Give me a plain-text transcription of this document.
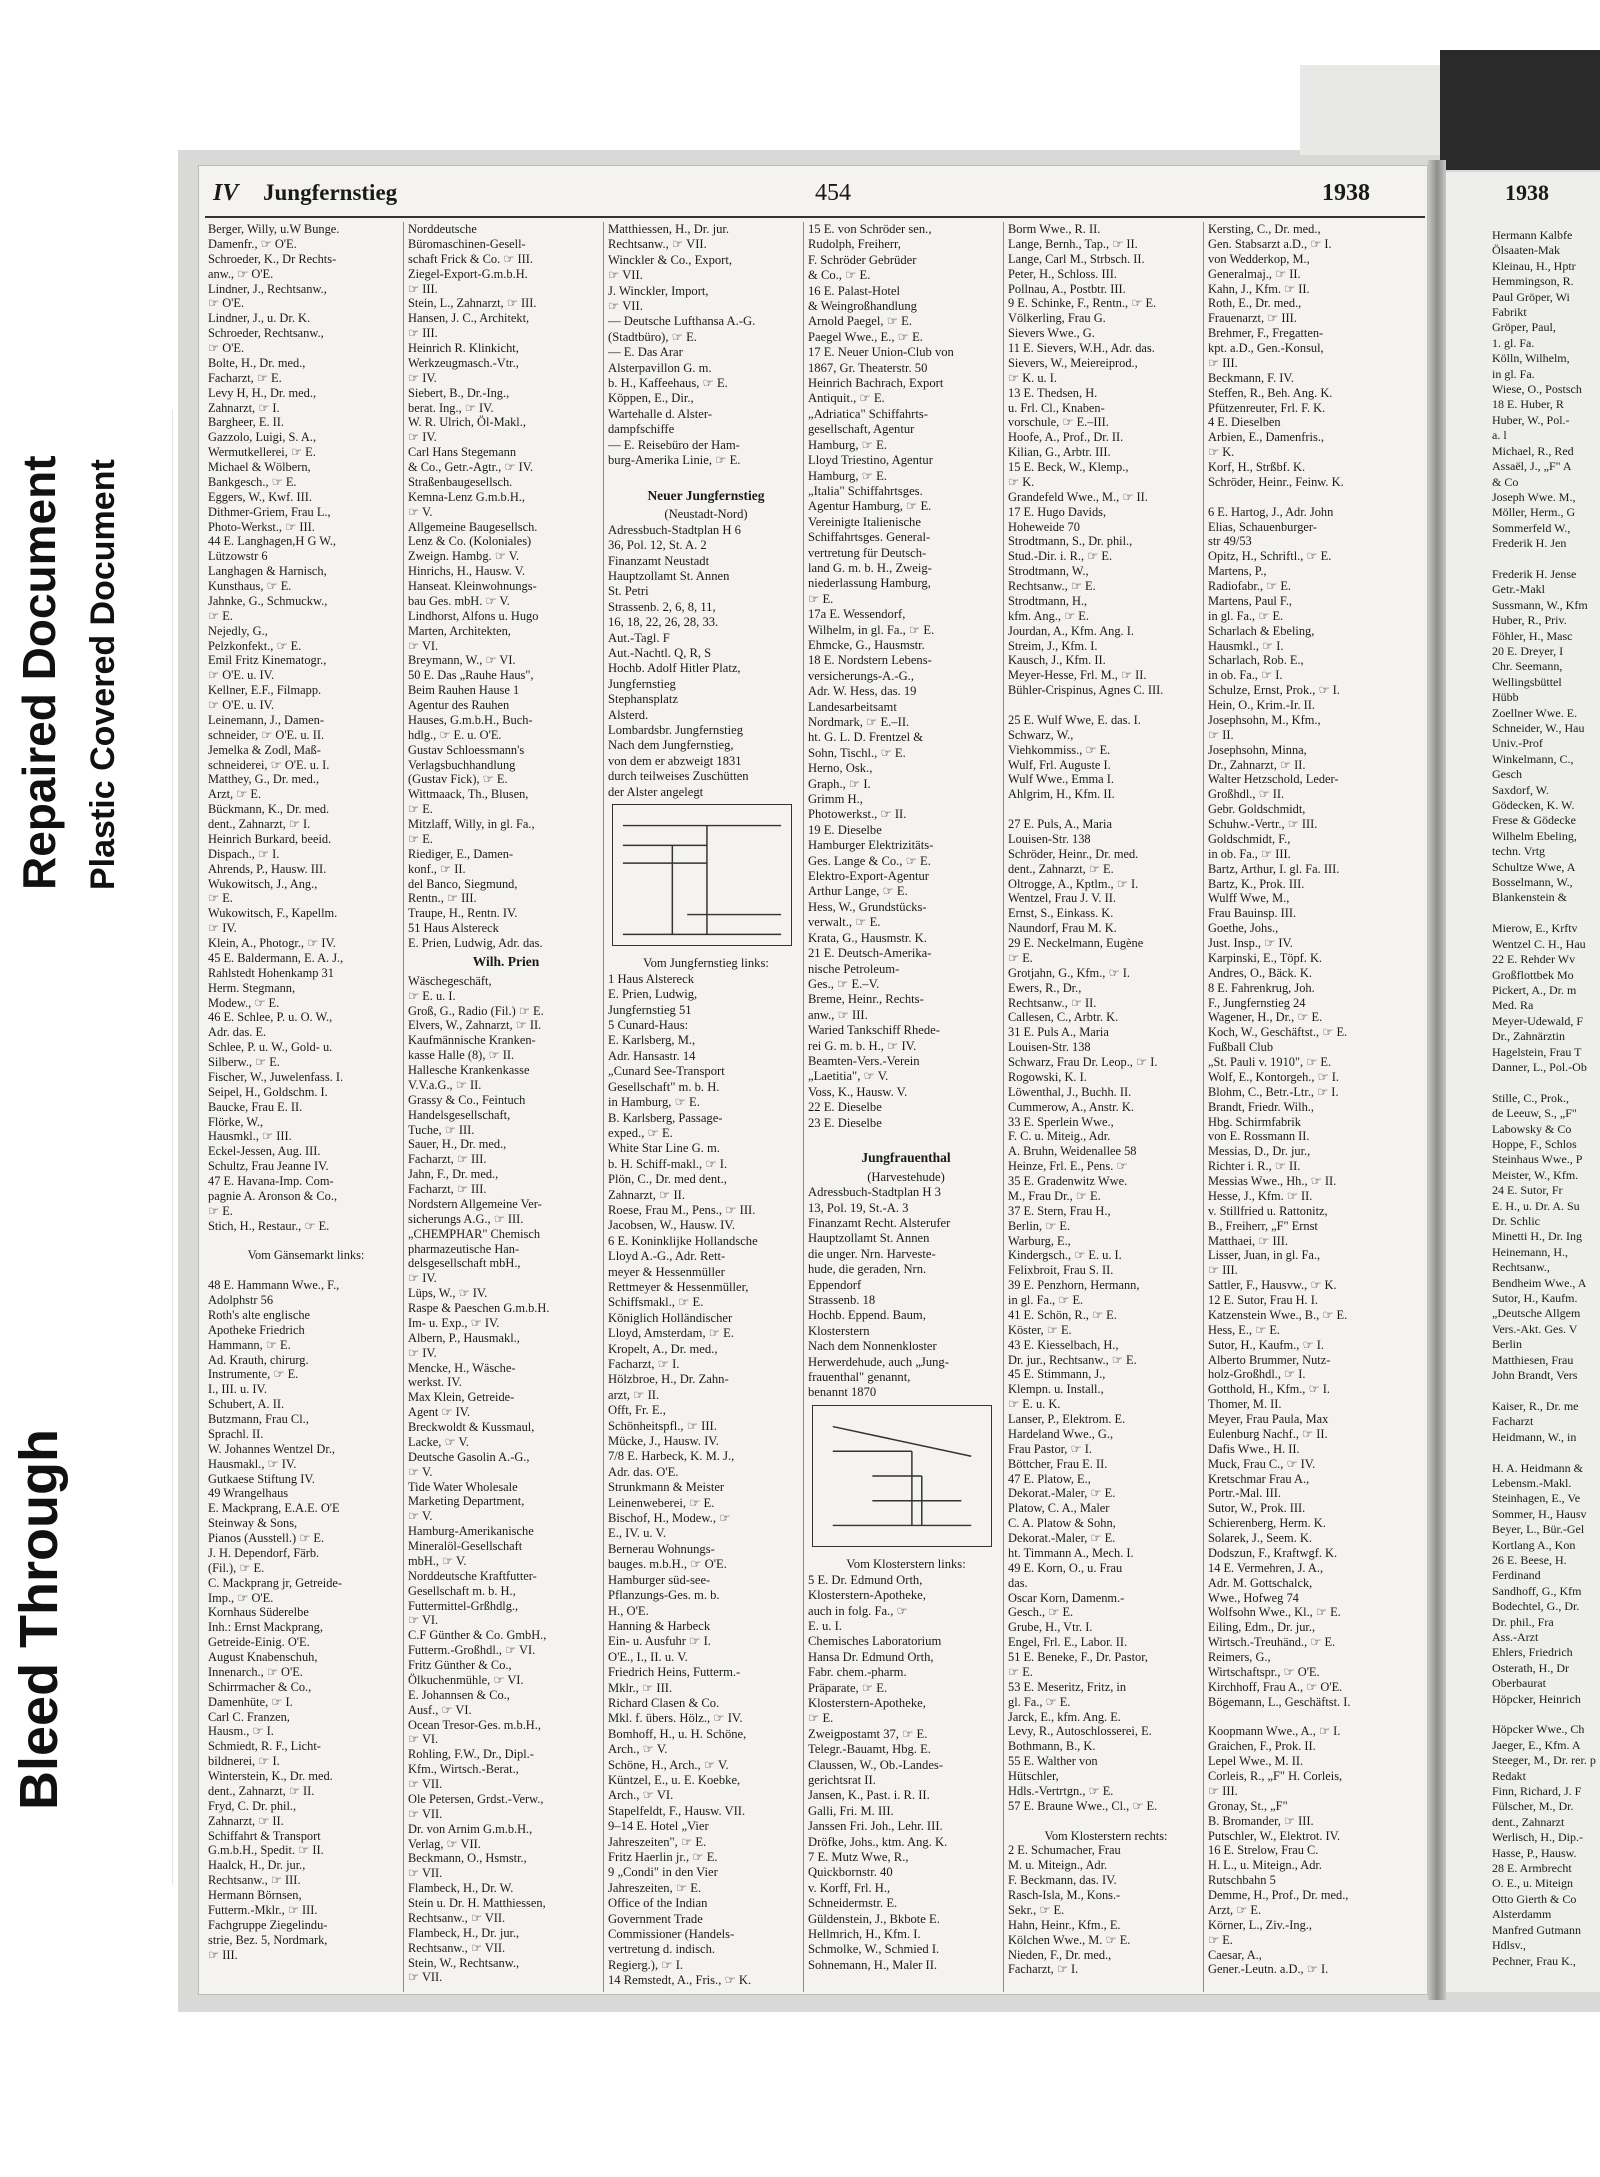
Bleed Through
Repaired Document Plastic Covered Document
IV Jungfernstieg	454	1938	1938

Berger, Willy, u.W Bunge.

Damenfr., ☞ O'E.

Schroeder, K., Dr Rechts-

anw., ☞ O'E.

Lindner, J., Rechtsanw.,

☞ O'E.

Lindner, J., u. Dr. K.

Schroeder, Rechtsanw.,

☞ O'E.

Bolte, H., Dr. med.,

Facharzt, ☞ E.

Levy H, H., Dr. med.,

Zahnarzt, ☞ I.

Bargheer, E. II.

Gazzolo, Luigi, S. A.,

Wermutkellerei, ☞ E.

Michael & Wölbern,

Bankgesch., ☞ E.

Eggers, W., Kwf. III.

Dithmer-Griem, Frau L.,

Photo-Werkst., ☞ III.

44 E. Langhagen,H G W.,

Lützowstr 6

Langhagen & Harnisch,

Kunsthaus, ☞ E.

Jahnke, G., Schmuckw.,

☞ E.

Nejedly, G.,

Pelzkonfekt., ☞ E.

Emil Fritz Kinematogr.,

☞ O'E. u. IV.

Kellner, E.F., Filmapp.

☞ O'E. u. IV.

Leinemann, J., Damen-

schneider, ☞ O'E. u. II.

Jemelka & Zodl, Maß-

schneiderei, ☞ O'E. u. I.

Matthey, G., Dr. med.,

Arzt, ☞ E.

Bückmann, K., Dr. med.

dent., Zahnarzt, ☞ I.

Heinrich Burkard, beeid.

Dispach., ☞ I.

Ahrends, P., Hausw. III.

Wukowitsch, J., Ang.,

☞ E.

Wukowitsch, F., Kapellm.

☞ IV.

Klein, A., Photogr., ☞ IV.

45 E. Baldermann, E. A. J.,

Rahlstedt Hohenkamp 31

Herm. Stegmann,

Modew., ☞ E.

46 E. Schlee, P. u. O. W.,

Adr. das. E.

Schlee, P. u. W., Gold- u.

Silberw., ☞ E.

Fischer, W., Juwelenfass. I.

Seipel, H., Goldschm. I.

Baucke, Frau E. II.

Flörke, W.,

Hausmkl., ☞ III.

Eckel-Jessen, Aug. III.

Schultz, Frau Jeanne IV.

47 E. Havana-Imp. Com-

pagnie A. Aronson & Co.,

☞ E.

Stich, H., Restaur., ☞ E.

Vom Gänsemarkt links:

48 E. Hammann Wwe., F.,

Adolphstr 56

Roth's alte englische

Apotheke Friedrich

Hammann, ☞ E.

Ad. Krauth, chirurg.

Instrumente, ☞ E.

I., III. u. IV.

Schubert, A. II.

Butzmann, Frau Cl.,

Sprachl. II.

W. Johannes Wentzel Dr.,

Hausmakl., ☞ IV.

Gutkaese Stiftung IV.

49 Wrangelhaus

E. Mackprang, E.A.E. O'E

Steinway & Sons,

Pianos (Ausstell.) ☞ E.

J. H. Dependorf, Färb.

(Fil.), ☞ E.

C. Mackprang jr, Getreide-

Imp., ☞ O'E.

Kornhaus Süderelbe

Inh.: Ernst Mackprang,

Getreide-Einig. O'E.

August Knabenschuh,

Innenarch., ☞ O'E.

Schirrmacher & Co.,

Damenhüte, ☞ I.

Carl C. Franzen,

Hausm., ☞ I.

Schmiedt, R. F., Licht-

bildnerei, ☞ I.

Winterstein, K., Dr. med.

dent., Zahnarzt, ☞ II.

Fryd, C. Dr. phil.,

Zahnarzt, ☞ II.

Schiffahrt & Transport

G.m.b.H., Spedit. ☞ II.

Haalck, H., Dr. jur.,

Rechtsanw., ☞ III.

Hermann Börnsen,

Futterm.-Mklr., ☞ III.

Fachgruppe Ziegelindu-

strie, Bez. 5, Nordmark,

☞ III.

Norddeutsche

Büromaschinen-Gesell-

schaft Frick & Co. ☞ III.

Ziegel-Export-G.m.b.H.

☞ III.

Stein, L., Zahnarzt, ☞ III.

Hansen, J. C., Architekt,

☞ III.

Heinrich R. Klinkicht,

Werkzeugmasch.-Vtr.,

☞ IV.

Siebert, B., Dr.-Ing.,

berat. Ing., ☞ IV.

W. R. Ulrich, Öl-Makl.,

☞ IV.

Carl Hans Stegemann

& Co., Getr.-Agtr., ☞ IV.

Straßenbaugesellsch.

Kemna-Lenz G.m.b.H.,

☞ V.

Allgemeine Baugesellsch.

Lenz & Co. (Koloniales)

Zweign. Hambg. ☞ V.

Hinrichs, H., Hausw. V.

Hanseat. Kleinwohnungs-

bau Ges. mbH. ☞ V.

Lindhorst, Alfons u. Hugo

Marten, Architekten,

☞ VI.

Breymann, W., ☞ VI.

50 E. Das „Rauhe Haus",

Beim Rauhen Hause 1

Agentur des Rauhen

Hauses, G.m.b.H., Buch-

hdlg., ☞ E. u. O'E.

Gustav Schloessmann's

Verlagsbuchhandlung

(Gustav Fick), ☞ E.

Wittmaack, Th., Blusen,

☞ E.

Mitzlaff, Willy, in gl. Fa.,

☞ E.

Riediger, E., Damen-

konf., ☞ II.

del Banco, Siegmund,

Rentn., ☞ III.

Traupe, H., Rentn. IV.

51 Haus Alstereck

E. Prien, Ludwig, Adr. das.

Wilh. Prien

Wäschegeschäft,

☞ E. u. I.

Groß, G., Radio (Fil.) ☞ E.

Elvers, W., Zahnarzt, ☞ II.

Kaufmännische Kranken-

kasse Halle (8), ☞ II.

Hallesche Krankenkasse

V.V.a.G., ☞ II.

Grassy & Co., Feintuch

Handelsgesellschaft,

Tuche, ☞ III.

Sauer, H., Dr. med.,

Facharzt, ☞ III.

Jahn, F., Dr. med.,

Facharzt, ☞ III.

Nordstern Allgemeine Ver-

sicherungs A.G., ☞ III.

„CHEMPHAR" Chemisch

pharmazeutische Han-

delsgesellschaft mbH.,

☞ IV.

Lüps, W., ☞ IV.

Raspe & Paeschen G.m.b.H.

Im- u. Exp., ☞ IV.

Albern, P., Hausmakl.,

☞ IV.

Mencke, H., Wäsche-

werkst. IV.

Max Klein, Getreide-

Agent ☞ IV.

Breckwoldt & Kussmaul,

Lacke, ☞ V.

Deutsche Gasolin A.-G.,

☞ V.

Tide Water Wholesale

Marketing Department,

☞ V.

Hamburg-Amerikanische

Mineralöl-Gesellschaft

mbH., ☞ V.

Norddeutsche Kraftfutter-

Gesellschaft m. b. H.,

Futtermittel-Grßhdlg.,

☞ VI.

C.F Günther & Co. GmbH.,

Futterm.-Großhdl., ☞ VI.

Fritz Günther & Co.,

Ölkuchenmühle, ☞ VI.

E. Johannsen & Co.,

Ausf., ☞ VI.

Ocean Tresor-Ges. m.b.H.,

☞ VI.

Rohling, F.W., Dr., Dipl.-

Kfm., Wirtsch.-Berat.,

☞ VII.

Ole Petersen, Grdst.-Verw.,

☞ VII.

Dr. von Arnim G.m.b.H.,

Verlag, ☞ VII.

Beckmann, O., Hsmstr.,

☞ VII.

Flambeck, H., Dr. W.

Stein u. Dr. H. Matthiessen,

Rechtsanw., ☞ VII.

Flambeck, H., Dr. jur.,

Rechtsanw., ☞ VII.

Stein, W., Rechtsanw.,

☞ VII.

Matthiessen, H., Dr. jur.

Rechtsanw., ☞ VII.

Winckler & Co., Export,

☞ VII.

J. Winckler, Import,

☞ VII.

— Deutsche Lufthansa A.-G.

(Stadtbüro), ☞ E.

— E. Das Arar

Alsterpavillon G. m.

b. H., Kaffeehaus, ☞ E.

Köppen, E., Dir.,

Wartehalle d. Alster-

dampfschiffe

— E. Reisebüro der Ham-

burg-Amerika Linie, ☞ E.

Neuer Jungfernstieg

(Neustadt-Nord)

Adressbuch-Stadtplan H 6

36, Pol. 12, St. A. 2

Finanzamt Neustadt

Hauptzollamt St. Annen

St. Petri

Strassenb. 2, 6, 8, 11,

16, 18, 22, 26, 28, 33.

Aut.-Tagl. F

Aut.-Nachtl. Q, R, S

Hochb. Adolf Hitler Platz,

Jungfernstieg

Stephansplatz

Alsterd.

Lombardsbr. Jungfernstieg

Nach dem Jungfernstieg,

von dem er abzweigt 1831

durch teilweises Zuschütten

der Alster angelegt

Vom Jungfernstieg links:

1 Haus Alstereck

E. Prien, Ludwig,

Jungfernstieg 51

5 Cunard-Haus:

E. Karlsberg, M.,

Adr. Hansastr. 14

„Cunard See-Transport

Gesellschaft" m. b. H.

in Hamburg, ☞ E.

B. Karlsberg, Passage-

exped., ☞ E.

White Star Line G. m.

b. H. Schiff-makl., ☞ I.

Plön, C., Dr. med dent.,

Zahnarzt, ☞ II.

Roese, Frau M., Pens., ☞ III.

Jacobsen, W., Hausw. IV.

6 E. Koninklijke Hollandsche

Lloyd A.-G., Adr. Rett-

meyer & Hessenmüller

Rettmeyer & Hessenmüller,

Schiffsmakl., ☞ E.

Königlich Holländischer

Lloyd, Amsterdam, ☞ E.

Kropelt, A., Dr. med.,

Facharzt, ☞ I.

Hölzbroe, H., Dr. Zahn-

arzt, ☞ II.

Offt, Fr. E.,

Schönheitspfl., ☞ III.

Mücke, J., Hausw. IV.

7/8 E. Harbeck, K. M. J.,

Adr. das. O'E.

Strunkmann & Meister

Leinenweberei, ☞ E.

Bischof, H., Modew., ☞

E., IV. u. V.

Bernerau Wohnungs-

bauges. m.b.H., ☞ O'E.

Hamburger süd-see-

Pflanzungs-Ges. m. b.

H., O'E.

Hanning & Harbeck

Ein- u. Ausfuhr ☞ I.

O'E., I., II. u. V.

Friedrich Heins, Futterm.-

Mklr., ☞ III.

Richard Clasen & Co.

Mkl. f. übers. Hölz., ☞ IV.

Bomhoff, H., u. H. Schöne,

Arch., ☞ V.

Schöne, H., Arch., ☞ V.

Küntzel, E., u. E. Koebke,

Arch., ☞ VI.

Stapelfeldt, F., Hausw. VII.

9–14 E. Hotel „Vier

Jahreszeiten", ☞ E.

Fritz Haerlin jr., ☞ E.

9 „Condi" in den Vier

Jahreszeiten, ☞ E.

Office of the Indian

Government Trade

Commissioner (Handels-

vertretung d. indisch.

Regierg.), ☞ I.

14 Remstedt, A., Fris., ☞ K.

15 E. von Schröder sen.,

Rudolph, Freiherr,

F. Schröder Gebrüder

& Co., ☞ E.

16 E. Palast-Hotel

& Weingroßhandlung

Arnold Paegel, ☞ E.

Paegel Wwe., E., ☞ E.

17 E. Neuer Union-Club von

1867, Gr. Theaterstr. 50

Heinrich Bachrach, Export

Antiquit., ☞ E.

„Adriatica" Schiffahrts-

gesellschaft, Agentur

Hamburg, ☞ E.

Lloyd Triestino, Agentur

Hamburg, ☞ E.

„Italia" Schiffahrtsges.

Agentur Hamburg, ☞ E.

Vereinigte Italienische

Schiffahrtsges. General-

vertretung für Deutsch-

land G. m. b. H., Zweig-

niederlassung Hamburg,

☞ E.

17a E. Wessendorf,

Wilhelm, in gl. Fa., ☞ E.

Ehmcke, G., Hausmstr.

18 E. Nordstern Lebens-

versicherungs-A.-G.,

Adr. W. Hess, das. 19

Landesarbeitsamt

Nordmark, ☞ E.–II.

ht. G. L. D. Frentzel &

Sohn, Tischl., ☞ E.

Herno, Osk.,

Graph., ☞ I.

Grimm H.,

Photowerkst., ☞ II.

19 E. Dieselbe

Hamburger Elektrizitäts-

Ges. Lange & Co., ☞ E.

Elektro-Export-Agentur

Arthur Lange, ☞ E.

Hess, W., Grundstücks-

verwalt., ☞ E.

Krata, G., Hausmstr. K.

21 E. Deutsch-Amerika-

nische Petroleum-

Ges., ☞ E.–V.

Breme, Heinr., Rechts-

anw., ☞ III.

Waried Tankschiff Rhede-

rei G. m. b. H., ☞ IV.

Beamten-Vers.-Verein

„Laetitia", ☞ V.

Voss, K., Hausw. V.

22 E. Dieselbe

23 E. Dieselbe

Jungfrauenthal

(Harvestehude)

Adressbuch-Stadtplan H 3

13, Pol. 19, St.-A. 3

Finanzamt Recht. Alsterufer

Hauptzollamt St. Annen

die unger. Nrn. Harveste-

hude, die geraden, Nrn.

Eppendorf

Strassenb. 18

Hochb. Eppend. Baum,

Klosterstern

Nach dem Nonnenkloster

Herwerdehude, auch „Jung-

frauenthal" genannt,

benannt 1870

Vom Klosterstern links:

5 E. Dr. Edmund Orth,

Klosterstern-Apotheke,

auch in folg. Fa., ☞

E. u. I.

Chemisches Laboratorium

Hansa Dr. Edmund Orth,

Fabr. chem.-pharm.

Präparate, ☞ E.

Klosterstern-Apotheke,

☞ E.

Zweigpostamt 37, ☞ E.

Telegr.-Bauamt, Hbg. E.

Claussen, W., Ob.-Landes-

gerichtsrat II.

Jansen, K., Past. i. R. II.

Galli, Fri. M. III.

Janssen Fri. Joh., Lehr. III.

Dröfke, Johs., ktm. Ang. K.

7 E. Mutz Wwe, R.,

Quickbornstr. 40

v. Korff, Frl. H.,

Schneidermstr. E.

Güldenstein, J., Bkbote E.

Hellmrich, H., Kfm. I.

Schmolke, W., Schmied I.

Sohnemann, H., Maler II.

Borm Wwe., R. II.

Lange, Bernh., Tap., ☞ II.

Lange, Carl M., Strbsch. II.

Peter, H., Schloss. III.

Pollnau, A., Postbtr. III.

9 E. Schinke, F., Rentn., ☞ E.

Völkerling, Frau G.

Sievers Wwe., G.

11 E. Sievers, W.H., Adr. das.

Sievers, W., Meiereiprod.,

☞ K. u. I.

13 E. Thedsen, H.

u. Frl. Cl., Knaben-

vorschule, ☞ E.–III.

Hoofe, A., Prof., Dr. II.

Kilian, G., Arbtr. III.

15 E. Beck, W., Klemp.,

☞ K.

Grandefeld Wwe., M., ☞ II.

17 E. Hugo Davids,

Hoheweide 70

Strodtmann, S., Dr. phil.,

Stud.-Dir. i. R., ☞ E.

Strodtmann, W.,

Rechtsanw., ☞ E.

Strodtmann, H.,

kfm. Ang., ☞ E.

Jourdan, A., Kfm. Ang. I.

Streim, J., Kfm. I.

Kausch, J., Kfm. II.

Meyer-Hesse, Frl. M., ☞ II.

Bühler-Crispinus, Agnes C. III.

25 E. Wulf Wwe, E. das. I.

Schwarz, W.,

Viehkommiss., ☞ E.

Wulf, Frl. Auguste I.

Wulf Wwe., Emma I.

Ahlgrim, H., Kfm. II.

27 E. Puls, A., Maria

Louisen-Str. 138

Schröder, Heinr., Dr. med.

dent., Zahnarzt, ☞ E.

Oltrogge, A., Kptlm., ☞ I.

Wentzel, Frau J. V. II.

Ernst, S., Einkass. K.

Naundorf, Frau M. K.

29 E. Neckelmann, Eugène

☞ E.

Grotjahn, G., Kfm., ☞ I.

Ewers, R., Dr.,

Rechtsanw., ☞ II.

Callesen, C., Arbtr. K.

31 E. Puls A., Maria

Louisen-Str. 138

Schwarz, Frau Dr. Leop., ☞ I.

Rogowski, K. I.

Löwenthal, J., Buchh. II.

Cummerow, A., Anstr. K.

33 E. Sperlein Wwe.,

F. C. u. Miteig., Adr.

A. Bruhn, Weidenallee 58

Heinze, Frl. E., Pens. ☞

35 E. Gradenwitz Wwe.

M., Frau Dr., ☞ E.

37 E. Stern, Frau H.,

Berlin, ☞ E.

Warburg, E.,

Kindergsch., ☞ E. u. I.

Felixbroit, Frau S. II.

39 E. Penzhorn, Hermann,

in gl. Fa., ☞ E.

41 E. Schön, R., ☞ E.

Köster, ☞ E.

43 E. Kiesselbach, H.,

Dr. jur., Rechtsanw., ☞ E.

45 E. Stimmann, J.,

Klempn. u. Install.,

☞ E. u. K.

Lanser, P., Elektrom. E.

Hardeland Wwe., G.,

Frau Pastor, ☞ I.

Böttcher, Frau E. II.

47 E. Platow, E.,

Dekorat.-Maler, ☞ E.

Platow, C. A., Maler

C. A. Platow & Sohn,

Dekorat.-Maler, ☞ E.

ht. Timmann A., Mech. I.

49 E. Korn, O., u. Frau

das.

Oscar Korn, Damenm.-

Gesch., ☞ E.

Grube, H., Vtr. I.

Engel, Frl. E., Labor. II.

51 E. Beneke, F., Dr. Pastor,

☞ E.

53 E. Meseritz, Fritz, in

gl. Fa., ☞ E.

Jarck, E., kfm. Ang. E.

Levy, R., Autoschlosserei, E.

Bothmann, B., K.

55 E. Walther von

Hütschler,

Hdls.-Vertrtgn., ☞ E.

57 E. Braune Wwe., Cl., ☞ E.

Vom Klosterstern rechts:

2 E. Schumacher, Frau

M. u. Miteign., Adr.

F. Beckmann, das. IV.

Rasch-Isla, M., Kons.-

Sekr., ☞ E.

Hahn, Heinr., Kfm., E.

Kölchen Wwe., M. ☞ E.

Nieden, F., Dr. med.,

Facharzt, ☞ I.

Kersting, C., Dr. med.,

Gen. Stabsarzt a.D., ☞ I.

von Wedderkop, M.,

Generalmaj., ☞ II.

Kahn, J., Kfm. ☞ II.

Roth, E., Dr. med.,

Frauenarzt, ☞ III.

Brehmer, F., Fregatten-

kpt. a.D., Gen.-Konsul,

☞ III.

Beckmann, F. IV.

Steffen, R., Beh. Ang. K.

Pfützenreuter, Frl. F. K.

4 E. Dieselben

Arbien, E., Damenfris.,

☞ K.

Korf, H., Strßbf. K.

Schröder, Heinr., Feinw. K.

6 E. Hartog, J., Adr. John

Elias, Schauenburger-

str 49/53

Opitz, H., Schriftl., ☞ E.

Martens, P.,

Radiofabr., ☞ E.

Martens, Paul F.,

in gl. Fa., ☞ E.

Scharlach & Ebeling,

Hausmkl., ☞ I.

Scharlach, Rob. E.,

in ob. Fa., ☞ I.

Schulze, Ernst, Prok., ☞ I.

Hein, O., Krim.-Ir. II.

Josephsohn, M., Kfm.,

☞ II.

Josephsohn, Minna,

Dr., Zahnarzt, ☞ II.

Walter Hetzschold, Leder-

Großhdl., ☞ II.

Gebr. Goldschmidt,

Schuhw.-Vertr., ☞ III.

Goldschmidt, F.,

in ob. Fa., ☞ III.

Bartz, Arthur, I. gl. Fa. III.

Bartz, K., Prok. III.

Wulff Wwe, M.,

Frau Bauinsp. III.

Goethe, Johs.,

Just. Insp., ☞ IV.

Karpinski, E., Töpf. K.

Andres, O., Bäck. K.

8 E. Fahrenkrug, Joh.

F., Jungfernstieg 24

Wagener, H., Dr., ☞ E.

Koch, W., Geschäftst., ☞ E.

Fußball Club

„St. Pauli v. 1910", ☞ E.

Wolf, E., Kontorgeh., ☞ I.

Blohm, C., Betr.-Ltr., ☞ I.

Brandt, Friedr. Wilh.,

Hbg. Schirmfabrik

von E. Rossmann II.

Messias, D., Dr. jur.,

Richter i. R., ☞ II.

Messias Wwe., Hh., ☞ II.

Hesse, J., Kfm. ☞ II.

v. Stillfried u. Rattonitz,

B., Freiherr, „F" Ernst

Matthaei, ☞ III.

Lisser, Juan, in gl. Fa.,

☞ III.

Sattler, F., Hausvw., ☞ K.

12 E. Sutor, Frau H. I.

Katzenstein Wwe., B., ☞ E.

Hess, E., ☞ E.

Sutor, H., Kaufm., ☞ I.

Alberto Brummer, Nutz-

holz-Großhdl., ☞ I.

Gotthold, H., Kfm., ☞ I.

Thomer, M. II.

Meyer, Frau Paula, Max

Eulenburg Nachf., ☞ II.

Dafis Wwe., H. II.

Muck, Frau C., ☞ IV.

Kretschmar Frau A.,

Portr.-Mal. III.

Sutor, W., Prok. III.

Schierenberg, Herm. K.

Solarek, J., Seem. K.

Dodszun, F., Kraftwgf. K.

14 E. Vermehren, J. A.,

Adr. M. Gottschalck,

Wwe., Hofweg 74

Wolfsohn Wwe., Kl., ☞ E.

Eiling, Edm., Dr. jur.,

Wirtsch.-Treuhänd., ☞ E.

Reimers, G.,

Wirtschaftspr., ☞ O'E.

Kirchhoff, Frau A., ☞ O'E.

Bögemann, L., Geschäftst. I.

Koopmann Wwe., A., ☞ I.

Graichen, F., Prok. II.

Lepel Wwe., M. II.

Corleis, R., „F" H. Corleis,

☞ III.

Gronay, St., „F"

B. Bromander, ☞ III.

Putschler, W., Elektrot. IV.

16 E. Strelow, Frau C.

H. L., u. Miteign., Adr.

Rutschbahn 5

Demme, H., Prof., Dr. med.,

Arzt, ☞ E.

Körner, L., Ziv.-Ing.,

☞ E.

Caesar, A.,

Gener.-Leutn. a.D., ☞ I.

Hermann Kalbfe

Ölsaaten-Mak

Kleinau, H., Hptr

Hemmingson, R.

Paul Gröper, Wi

Fabrikt

Gröper, Paul,

1. gl. Fa.

Kölln, Wilhelm,

in gl. Fa.

Wiese, O., Postsch

18 E. Huber, R

Huber, W., Pol.-

a. l

Michael, R., Red

Assaël, J., „F" A

& Co

Joseph Wwe. M.,

Möller, Herm., G

Sommerfeld W.,

Frederik H. Jen

Frederik H. Jense

Getr.-Makl

Sussmann, W., Kfm

Huber, R., Priv.

Föhler, H., Masc

20 E. Dreyer, I

Chr. Seemann,

Wellingsbüttel

Hübb

Zoellner Wwe. E.

Schneider, W., Hau

Univ.-Prof

Winkelmann, C.,

Gesch

Saxdorf, W.

Gödecken, K. W.

Frese & Gödecke

Wilhelm Ebeling,

techn. Vrtg

Schultze Wwe, A

Bosselmann, W.,

Blankenstein &

Mierow, E., Krftv

Wentzel C. H., Hau

22 E. Rehder Wv

Großflottbek Mo

Pickert, A., Dr. m

Med. Ra

Meyer-Udewald, F

Dr., Zahnärztin

Hagelstein, Frau T

Danner, L., Pol.-Ob

Stille, C., Prok.,

de Leeuw, S., „F"

Labowsky & Co

Hoppe, F., Schlos

Steinhaus Wwe., P

Meister, W., Kfm.

24 E. Sutor, Fr

E. H., u. Dr. A. Su

Dr. Schlic

Minetti H., Dr. Ing

Heinemann, H.,

Rechtsanw.,

Bendheim Wwe., A

Sutor, H., Kaufm.

„Deutsche Allgem

Vers.-Akt. Ges. V

Berlin

Matthiesen, Frau

John Brandt, Vers

Kaiser, R., Dr. me

Facharzt

Heidmann, W., in

H. A. Heidmann &

Lebensm.-Makl.

Steinhagen, E., Ve

Sommer, H., Hausv

Beyer, L., Bür.-Gel

Kortlang A., Kon

26 E. Beese, H.

Ferdinand

Sandhoff, G., Kfm

Bodechtel, G., Dr.

Dr. phil., Fra

Ass.-Arzt

Ehlers, Friedrich

Osterath, H., Dr

Oberbaurat

Höpcker, Heinrich

Höpcker Wwe., Ch

Jaeger, E., Kfm. A

Steeger, M., Dr. rer. p

Redakt

Finn, Richard, J. F

Fülscher, M., Dr.

dent., Zahnarzt

Werlisch, H., Dip.-

Hasse, P., Hausw.

28 E. Armbrecht

O. E., u. Miteign

Otto Gierth & Co

Alsterdamm

Manfred Gutmann

Hdlsv.,

Pechner, Frau K.,
